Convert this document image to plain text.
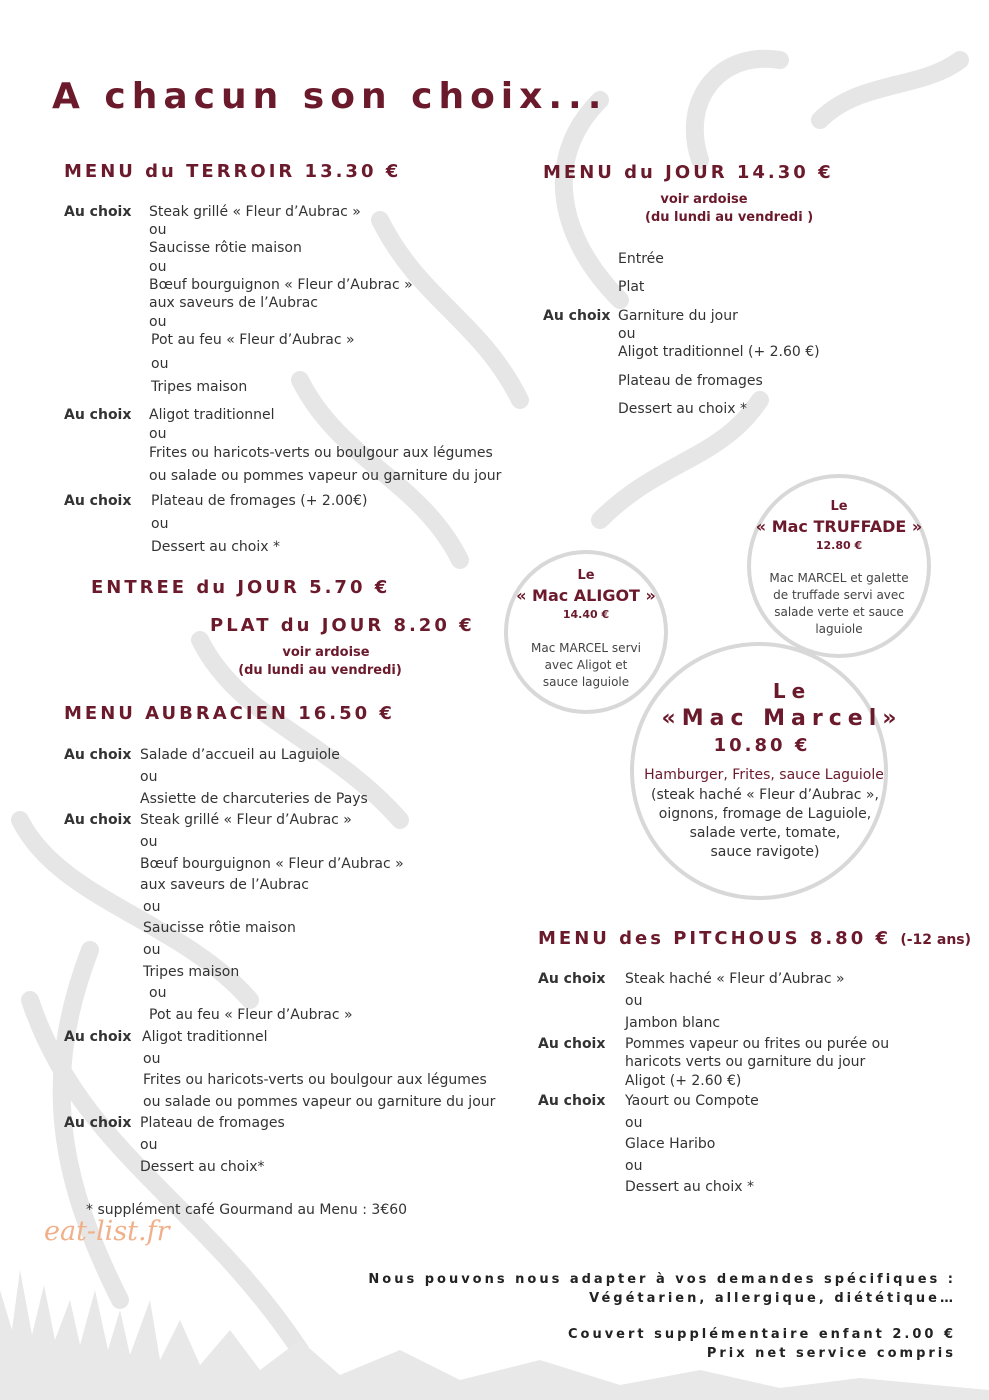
A chacun son choix...
MENU du TERROIR 13.30 €
Au choix Steak grillé « Fleur d’Aubrac »
ou
Saucisse rôtie maison
ou
Bœuf bourguignon « Fleur d’Aubrac »
aux saveurs de l’Aubrac
ou
Pot au feu « Fleur d’Aubrac »
ou
Tripes maison
Au choix Aligot traditionnel
ou
Frites ou haricots-verts ou boulgour aux légumes
ou salade ou pommes vapeur ou garniture du jour
Au choix Plateau de fromages (+ 2.00€)
ou
Dessert au choix *
ENTREE du JOUR 5.70 €
PLAT du JOUR 8.20 €
voir ardoise
(du lundi au vendredi)
MENU AUBRACIEN 16.50 €
Au choix Salade d’accueil au Laguiole
ou
Assiette de charcuteries de Pays
Au choix Steak grillé « Fleur d’Aubrac »
ou
Bœuf bourguignon « Fleur d’Aubrac »
aux saveurs de l’Aubrac
ou
Saucisse rôtie maison
ou
Tripes maison
ou
Pot au feu « Fleur d’Aubrac »
Au choix Aligot traditionnel
ou
Frites ou haricots-verts ou boulgour aux légumes
ou salade ou pommes vapeur ou garniture du jour
Au choix Plateau de fromages
ou
Dessert au choix*
* supplément café Gourmand au Menu : 3€60
eat-list.fr
MENU du JOUR 14.30 €
voir ardoise
(du lundi au vendredi )
Entrée
Plat
Au choix Garniture du jour
ou
Aligot traditionnel (+ 2.60 €)
Plateau de fromages
Dessert au choix *
Le
« Mac TRUFFADE »
12.80 €
Mac MARCEL et galette
de truffade servi avec
salade verte et sauce
laguiole
Le
« Mac ALIGOT »
14.40 €
Mac MARCEL servi
avec Aligot et
sauce laguiole	Le
«Mac Marcel»
10.80 €
Hamburger, Frites, sauce Laguiole
(steak haché « Fleur d’Aubrac »,
oignons, fromage de Laguiole,
salade verte, tomate,
sauce ravigote)
MENU des PITCHOUS 8.80 € (-12 ans)
Au choix Steak haché « Fleur d’Aubrac »
ou
Jambon blanc
Au choix Pommes vapeur ou frites ou purée ou
haricots verts ou garniture du jour
Aligot (+ 2.60 €)
Au choix Yaourt ou Compote
ou
Glace Haribo
ou
Dessert au choix *
Nous pouvons nous adapter à vos demandes spécifiques :
Végétarien, allergique, diététique…
Couvert supplémentaire enfant 2.00 €
Prix net service compris
